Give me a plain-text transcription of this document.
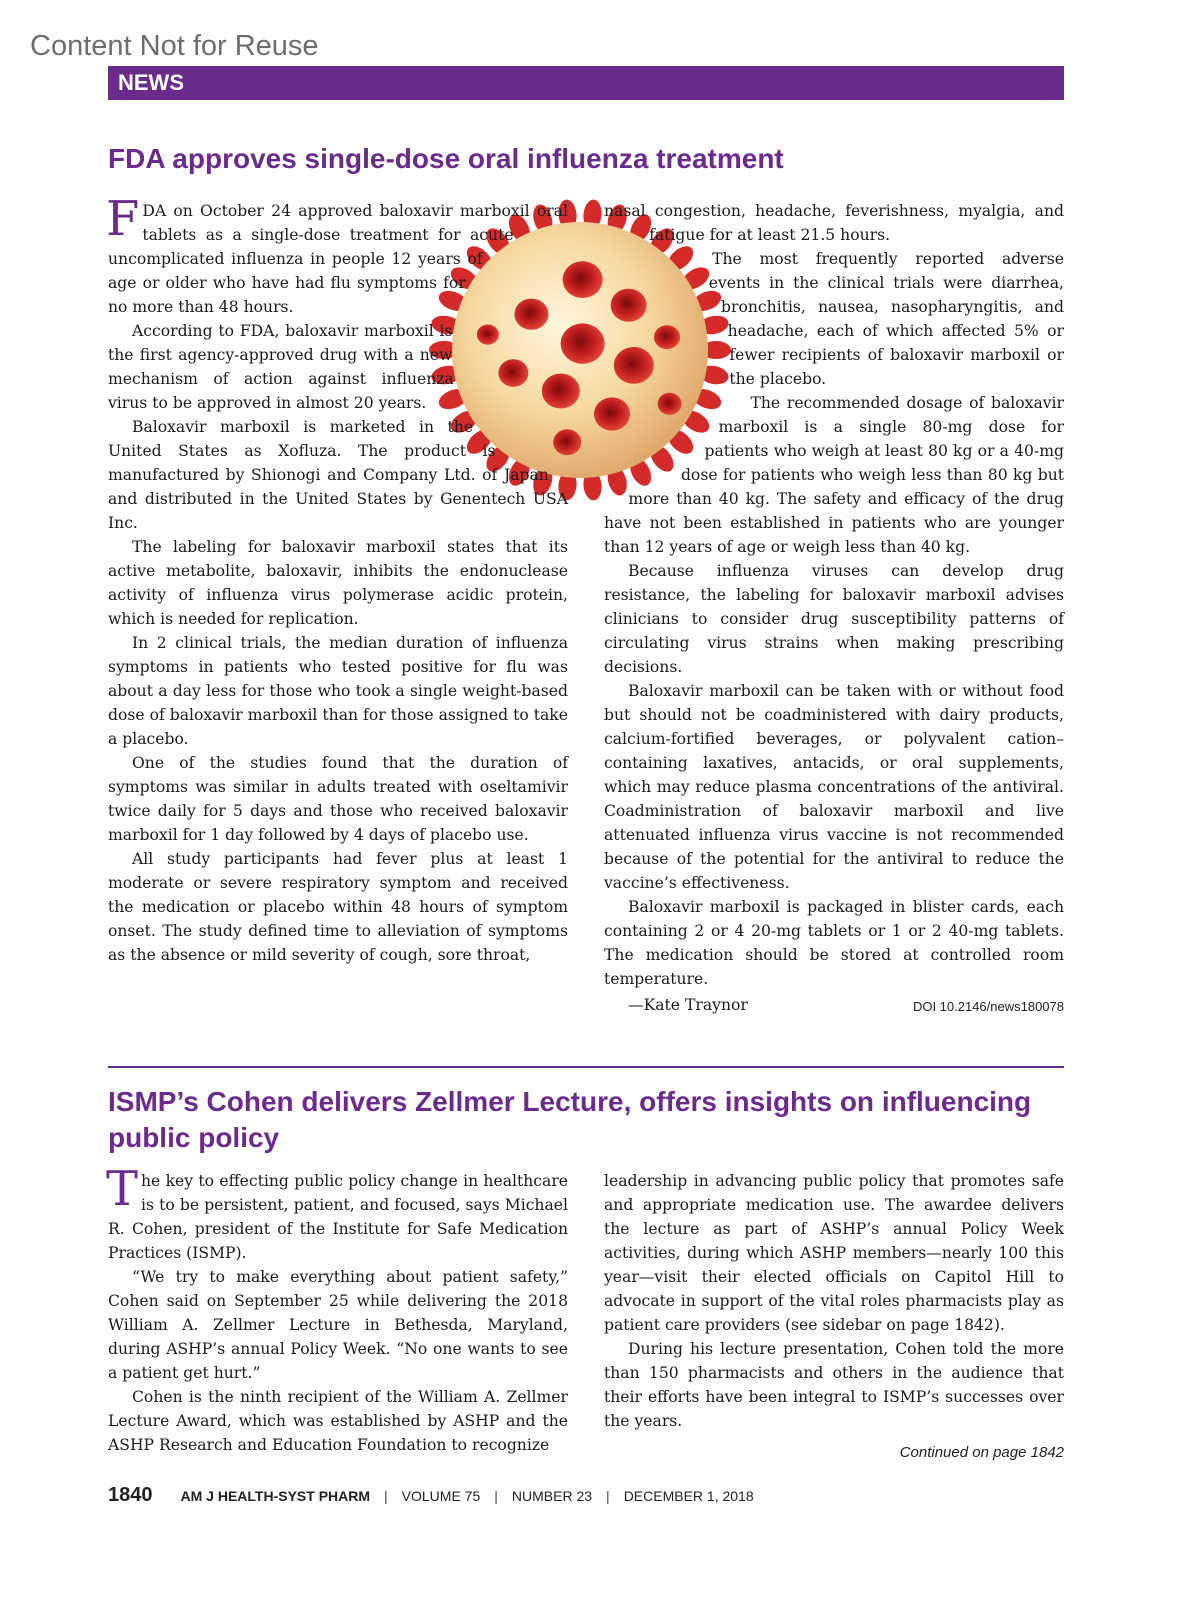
Content Not for Reuse
NEWS
FDA approves single-dose oral influenza treatment

FDA on October 24 approved baloxavir marboxil oral tablets as a single-dose treatment for acute uncomplicated influenza in people 12 years of age or older who have had flu symptoms for no more than 48 hours.

According to FDA, baloxavir marboxil is the first agency-approved drug with a new mechanism of action against influenza virus to be approved in almost 20 years.

Baloxavir marboxil is marketed in the United States as Xofluza. The product is manufactured by Shionogi and Company Ltd. of Japan and distributed in the United States by Genentech USA Inc.

The labeling for baloxavir marboxil states that its active metabolite, baloxavir, inhibits the endonuclease activity of influenza virus polymerase acidic protein, which is needed for replication.

In 2 clinical trials, the median duration of influenza symptoms in patients who tested positive for flu was about a day less for those who took a single weight-based dose of baloxavir marboxil than for those assigned to take a placebo.

One of the studies found that the duration of symptoms was similar in adults treated with oseltamivir twice daily for 5 days and those who received baloxavir marboxil for 1 day followed by 4 days of placebo use.

All study participants had fever plus at least 1 moderate or severe respiratory symptom and received the medication or placebo within 48 hours of symptom onset. The study defined time to alleviation of symptoms as the absence or mild severity of cough, sore throat,

nasal congestion, headache, feverishness, myalgia, and fatigue for at least 21.5 hours.

The most frequently reported adverse events in the clinical trials were diarrhea, bronchitis, nausea, nasopharyngitis, and headache, each of which affected 5% or fewer recipients of baloxavir marboxil or the placebo.

The recommended dosage of baloxavir marboxil is a single 80-mg dose for patients who weigh at least 80 kg or a 40-mg dose for patients who weigh less than 80 kg but more than 40 kg. The safety and efficacy of the drug have not been established in patients who are younger than 12 years of age or weigh less than 40 kg.

Because influenza viruses can develop drug resistance, the labeling for baloxavir marboxil advises clinicians to consider drug susceptibility patterns of circulating virus strains when making prescribing decisions.

Baloxavir marboxil can be taken with or without food but should not be coadministered with dairy products, calcium-fortified beverages, or polyvalent cation–containing laxatives, antacids, or oral supplements, which may reduce plasma concentrations of the antiviral. Coadministration of baloxavir marboxil and live attenuated influenza virus vaccine is not recommended because of the potential for the antiviral to reduce the vaccine’s effectiveness.

Baloxavir marboxil is packaged in blister cards, each containing 2 or 4 20-mg tablets or 1 or 2 40-mg tablets. The medication should be stored at controlled room temperature.

—Kate Traynor	DOI 10.2146/news180078
ISMP’s Cohen delivers Zellmer Lecture, offers insights on influencing public policy

The key to effecting public policy change in healthcare is to be persistent, patient, and focused, says Michael R. Cohen, president of the Institute for Safe Medication Practices (ISMP).

“We try to make everything about patient safety,” Cohen said on September 25 while delivering the 2018 William A. Zellmer Lecture in Bethesda, Maryland, during ASHP’s annual Policy Week. “No one wants to see a patient get hurt.”

Cohen is the ninth recipient of the William A. Zellmer Lecture Award, which was established by ASHP and the ASHP Research and Education Foundation to recognize

leadership in advancing public policy that promotes safe and appropriate medication use. The awardee delivers the lecture as part of ASHP’s annual Policy Week activities, during which ASHP members—nearly 100 this year—visit their elected officials on Capitol Hill to advocate in support of the vital roles pharmacists play as patient care providers (see sidebar on page 1842).

During his lecture presentation, Cohen told the more than 150 pharmacists and others in the audience that their efforts have been integral to ISMP’s successes over the years.

Continued on page 1842
1840 AM J HEALTH-SYST PHARM | VOLUME 75 | NUMBER 23 | DECEMBER 1, 2018
